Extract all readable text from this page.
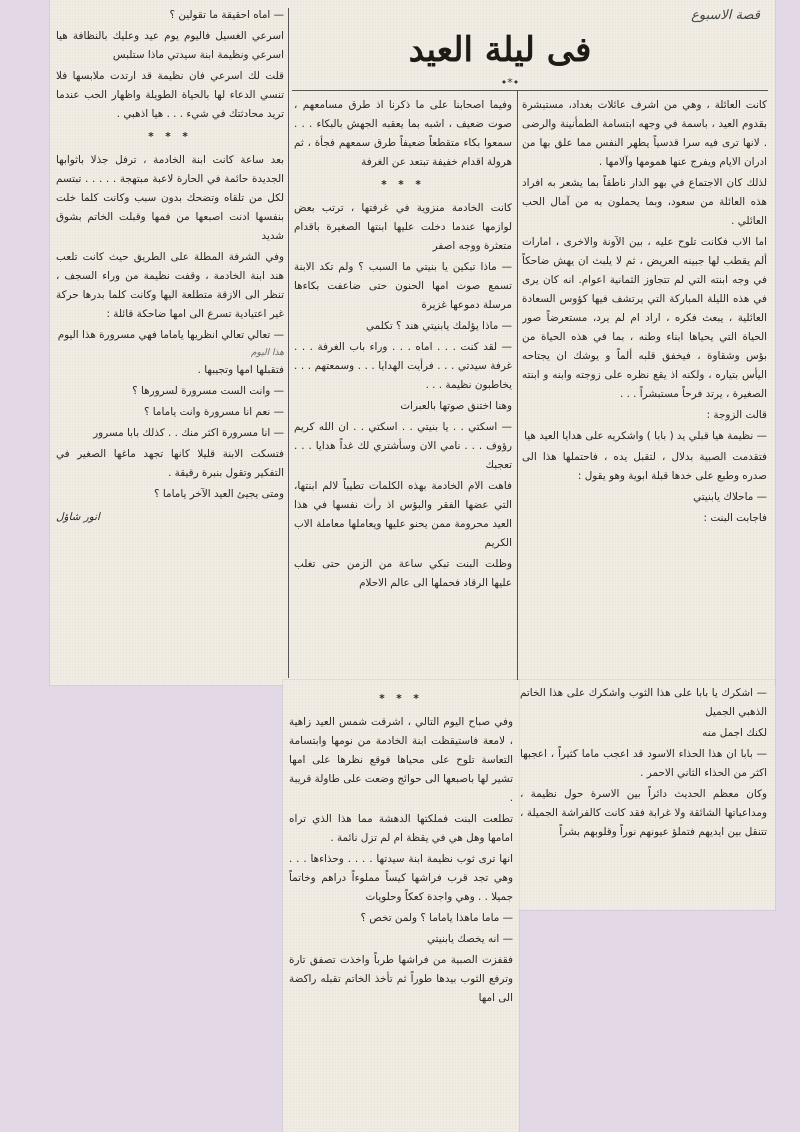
قصة الاسبوع
فى ليلة العيد
•*•

كانت العائلة ، وهي من اشرف عائلات بغداد، مستبشرة بقدوم العيد ، باسمة في وجهه ابتسامة الطمأنينة والرضى . لانها ترى فيه سرا قدسياً يطهر النفس مما علق بها من ادران الايام ويفرج عنها همومها وآلامها .

لذلك كان الاجتماع في بهو الدار ناطقاً بما يشعر به افراد هذه العائلة من سعود، وبما يحملون به من آمال الحب العائلي .

اما الاب فكانت تلوح عليه ، بين الآونة والاخرى ، امارات ألم يقطب لها جبينه العريض ، ثم لا يلبث ان يهش ضاحكاً في وجه ابنته التي لم تتجاوز الثمانية اعوام. انه كان يرى في هذه الليلة المباركة التي يرتشف فيها كؤوس السعادة العائلية ، يبعث فكره ، اراد ام لم يرد، مستعرضاً صور الحياة التي يحياها ابناء وطنه ، بما في هذه الحياة من بؤس وشقاوة ، فيخفق قلبه ألماً و يوشك ان يجتاحه اليأس بتياره ، ولكنه اذ يقع نظره على زوجته وابنه و ابنته الصغيرة ، يرتد فرحاً مستبشراً . . .

قالت الزوجة :

— نظيمة هيا قبلي يد ( بابا ) واشكريه على هدايا العيد هيا

فتقدمت الصبية بدلال ، لتقبل يده ، فاحتملها هذا الى صدره وطبع على خدها قبلة ابوية وهو يقول :

— ماحلاك يابنيتي

فاجابت البنت :

— اشكرك يا بابا على هذا الثوب واشكرك على هذا الخاتم الذهبي الجميل

لكنك اجمل منه

— بابا ان هذا الحذاء الاسود قد اعجب ماما كثيراً ، اعجبها اكثر من الحذاء الثاني الاحمر .

وكان معظم الحديث دائراً بين الاسرة حول نظيمة ، ومداعباتها الشائقة ولا غرابة فقد كانت كالفراشة الجميلة ، تتنقل بين ايديهم فتملؤ عيونهم نوراً وقلوبهم بشراً

وفيما اصحابنا على ما ذكرنا اذ طرق مسامعهم ، صوت ضعيف ، اشبه بما يعقبه الجهش بالبكاء . . . سمعوا بكاء متقطعاً ضعيفاً طرق سمعهم فجأة ، ثم هرولة اقدام خفيفة تبتعد عن الغرفة

* * *

كانت الخادمة منزوية في غرفتها ، ترتب بعض لوازمها عندما دخلت عليها ابنتها الصغيرة باقدام متعثرة ووجه اصفر

— ماذا تبكين يا بنيتي ما السبب ؟ ولم تكد الابنة تسمع صوت امها الحنون حتى ضاعفت بكاءها مرسلة دموعها غزيرة

— ماذا يؤلمك يابنيتي هند ؟ تكلمي

— لقد كنت . . . اماه . . . وراء باب الغرفة . . . غرفة سيدتي . . . فرأيت الهدايا . . . وسمعتهم . . . يخاطبون نظيمة . . .

وهنا اختنق صوتها بالعبرات

— اسكتي . . يا بنيتي . . اسكتي . . ان الله كريم رؤوف . . . نامي الان وسأشتري لك غداً هدايا . . . تعجبك

فاهت الام الخادمة بهذه الكلمات تطيباً لالم ابنتها، التي عضها الفقر والبؤس اذ رأت نفسها في هذا العيد محرومة ممن يحنو عليها ويعاملها معاملة الاب الكريم

وظلت البنت تبكي ساعة من الزمن حتى تغلب عليها الرقاد فحملها الى عالم الاحلام

— اماه احقيقة ما تقولين ؟

اسرعي الغسيل فاليوم يوم عيد وعليك بالنظافة هيا اسرعي ونظيمة ابنة سيدتي ماذا ستلبس

قلت لك اسرعي فان نظيمة قد ارتدت ملابسها فلا تنسي الدعاء لها بالحياة الطويلة واظهار الحب عندما تريد محادثتك في شيء . . . هيا اذهبي .

* * *

بعد ساعة كانت ابنة الخادمة ، ترفل جذلا باثوابها الجديدة حائمة في الحارة لاعبة مبتهجة . . . . . تبتسم لكل من تلقاه وتضحك بدون سبب وكانت كلما خلت بنفسها ادنت اصبعها من فمها وقبلت الخاتم بشوق شديد

وفي الشرفة المطلة على الطريق حيث كانت تلعب هند ابنة الخادمة ، وقفت نظيمة من وراء السجف ، تنظر الى الازقة متطلعة اليها وكانت كلما بدرها حركة غير اعتيادية تسرع الى امها ضاحكة قائلة :

— تعالي تعالي انظريها ياماما فهي مسرورة هذا اليوم

هذا اليوم

فتقبلها امها وتجيبها .

— وانت الست مسرورة لسرورها ؟

— نعم انا مسرورة وانت ياماما ؟

— انا مسرورة اكثر منك . . كذلك بابا مسرور

فتسكت الابنة قليلا كانها تجهد ماغها الصغير في التفكير وتقول بنبرة رقيقة .

ومتى يجيئ العيد الآخر ياماما ؟

انور شاؤل
* * *

وفي صباح اليوم التالي ، اشرقت شمس العيد زاهية ، لامعة فاستيقظت ابنة الخادمة من نومها وابتسامة التعاسة تلوح على محياها فوقع نظرها على امها تشير لها باصبعها الى حوائج وضعت على طاولة قريبة .

تطلعت البنت فملكتها الدهشة مما هذا الذي تراه امامها وهل هي في يقظة ام لم تزل نائمة .

انها ترى ثوب نظيمة ابنة سيدتها . . . . وحذاءها . . . وهي تجد قرب فراشها كيساً مملوءاً دراهم وخاتماً جميلا . . وهي واجدة كعكاً وحلويات

— ماما ماهذا ياماما ؟ ولمن تخص ؟

— انه يخصك يابنيتي

فقفزت الصبية من فراشها طرباً واخذت تصفق تارة وترفع الثوب بيدها طوراً ثم تأخذ الخاتم تقبله راكضة الى امها
